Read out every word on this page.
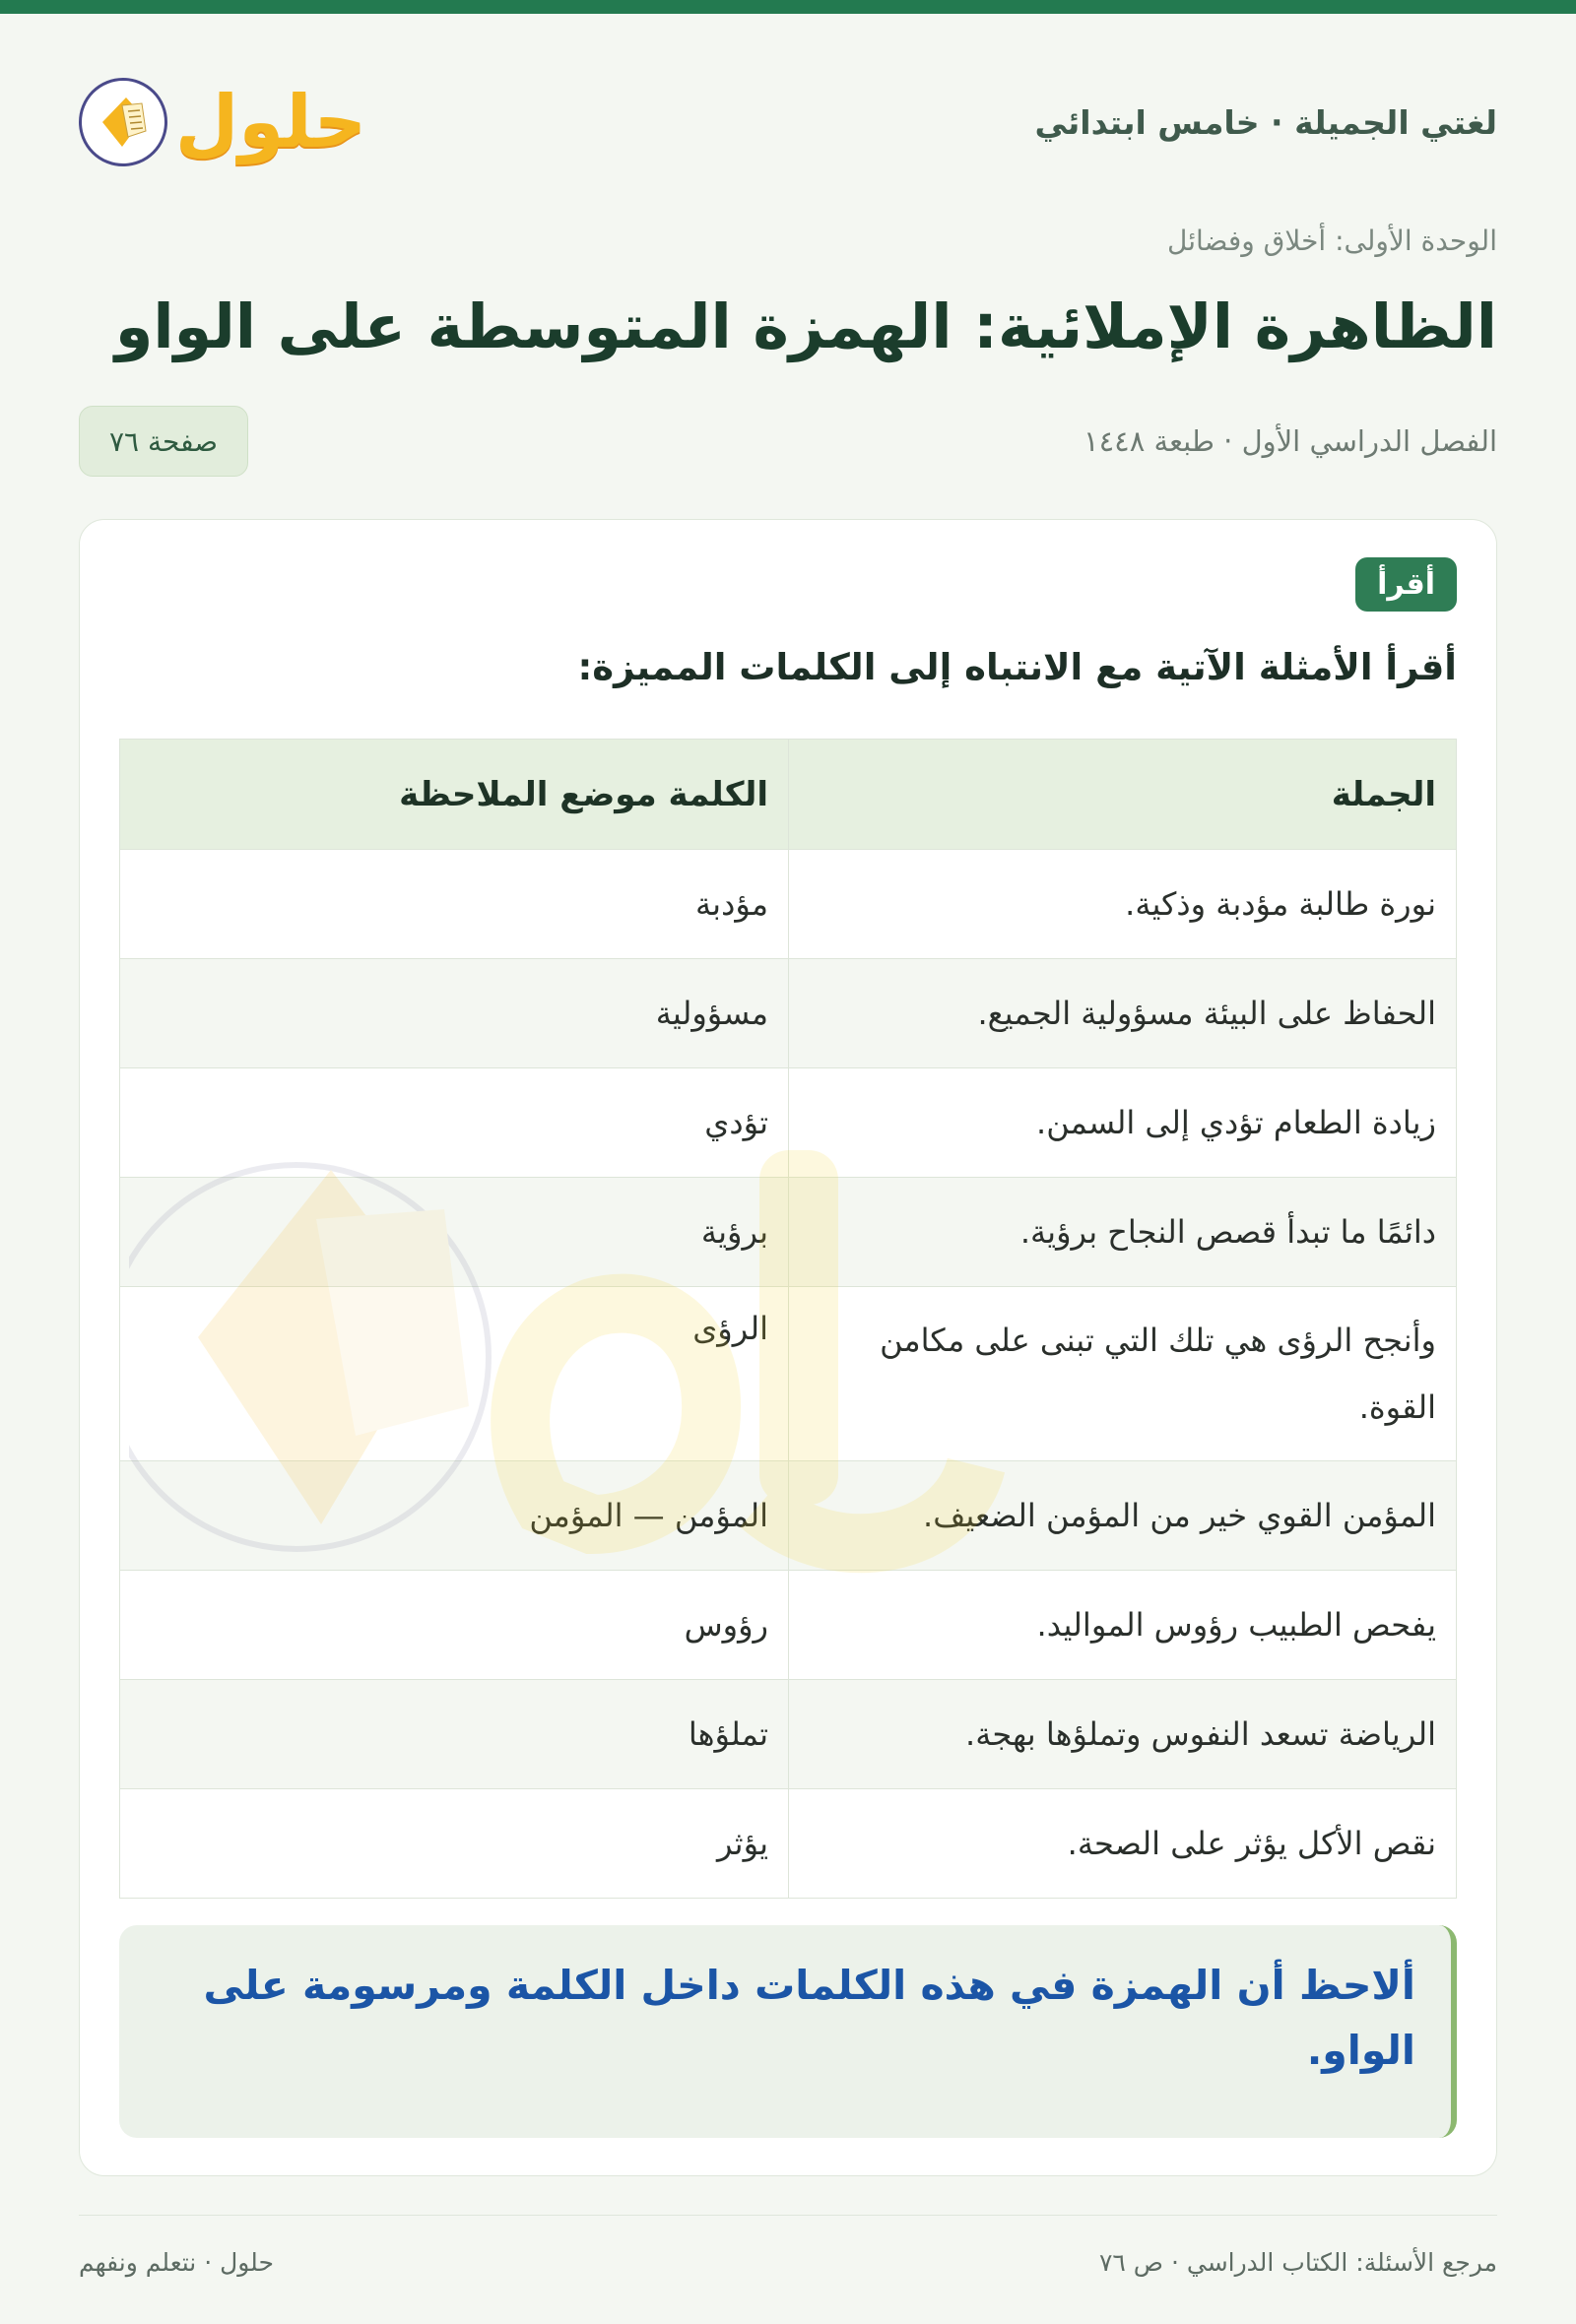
لغتي الجميلة · خامس ابتدائي
حلول
الوحدة الأولى: أخلاق وفضائل
الظاهرة الإملائية: الهمزة المتوسطة على الواو
الفصل الدراسي الأول · طبعة ١٤٤٨
صفحة ٧٦
أقرأ
أقرأ الأمثلة الآتية مع الانتباه إلى الكلمات المميزة:
الجملة	الكلمة موضع الملاحظة
نورة طالبة مؤدبة وذكية.	مؤدبة
الحفاظ على البيئة مسؤولية الجميع.	مسؤولية
زيادة الطعام تؤدي إلى السمن.	تؤدي
دائمًا ما تبدأ قصص النجاح برؤية.	برؤية
وأنجح الرؤى هي تلك التي تبنى على مكامن القوة.	الرؤى
المؤمن القوي خير من المؤمن الضعيف.	المؤمن — المؤمن
يفحص الطبيب رؤوس المواليد.	رؤوس
الرياضة تسعد النفوس وتملؤها بهجة.	تملؤها
نقص الأكل يؤثر على الصحة.	يؤثر

ألاحظ أن الهمزة في هذه الكلمات داخل الكلمة ومرسومة على الواو.

مرجع الأسئلة: الكتاب الدراسي · ص ٧٦
حلول · نتعلم ونفهم
